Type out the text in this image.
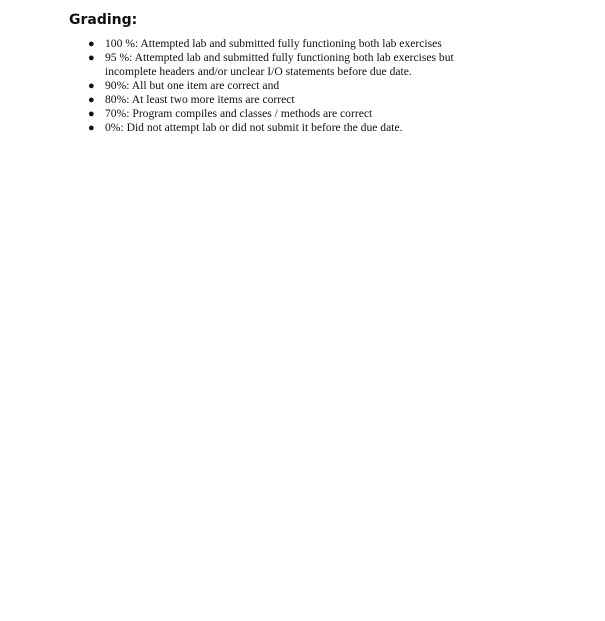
Grading:
● 100 %: Attempted lab and submitted fully functioning both lab exercises
● 95 %: Attempted lab and submitted fully functioning both lab exercises but incomplete headers and/or unclear I/O statements before due date.
● 90%: All but one item are correct and
● 80%: At least two more items are correct
● 70%: Program compiles and classes / methods are correct
● 0%: Did not attempt lab or did not submit it before the due date.
